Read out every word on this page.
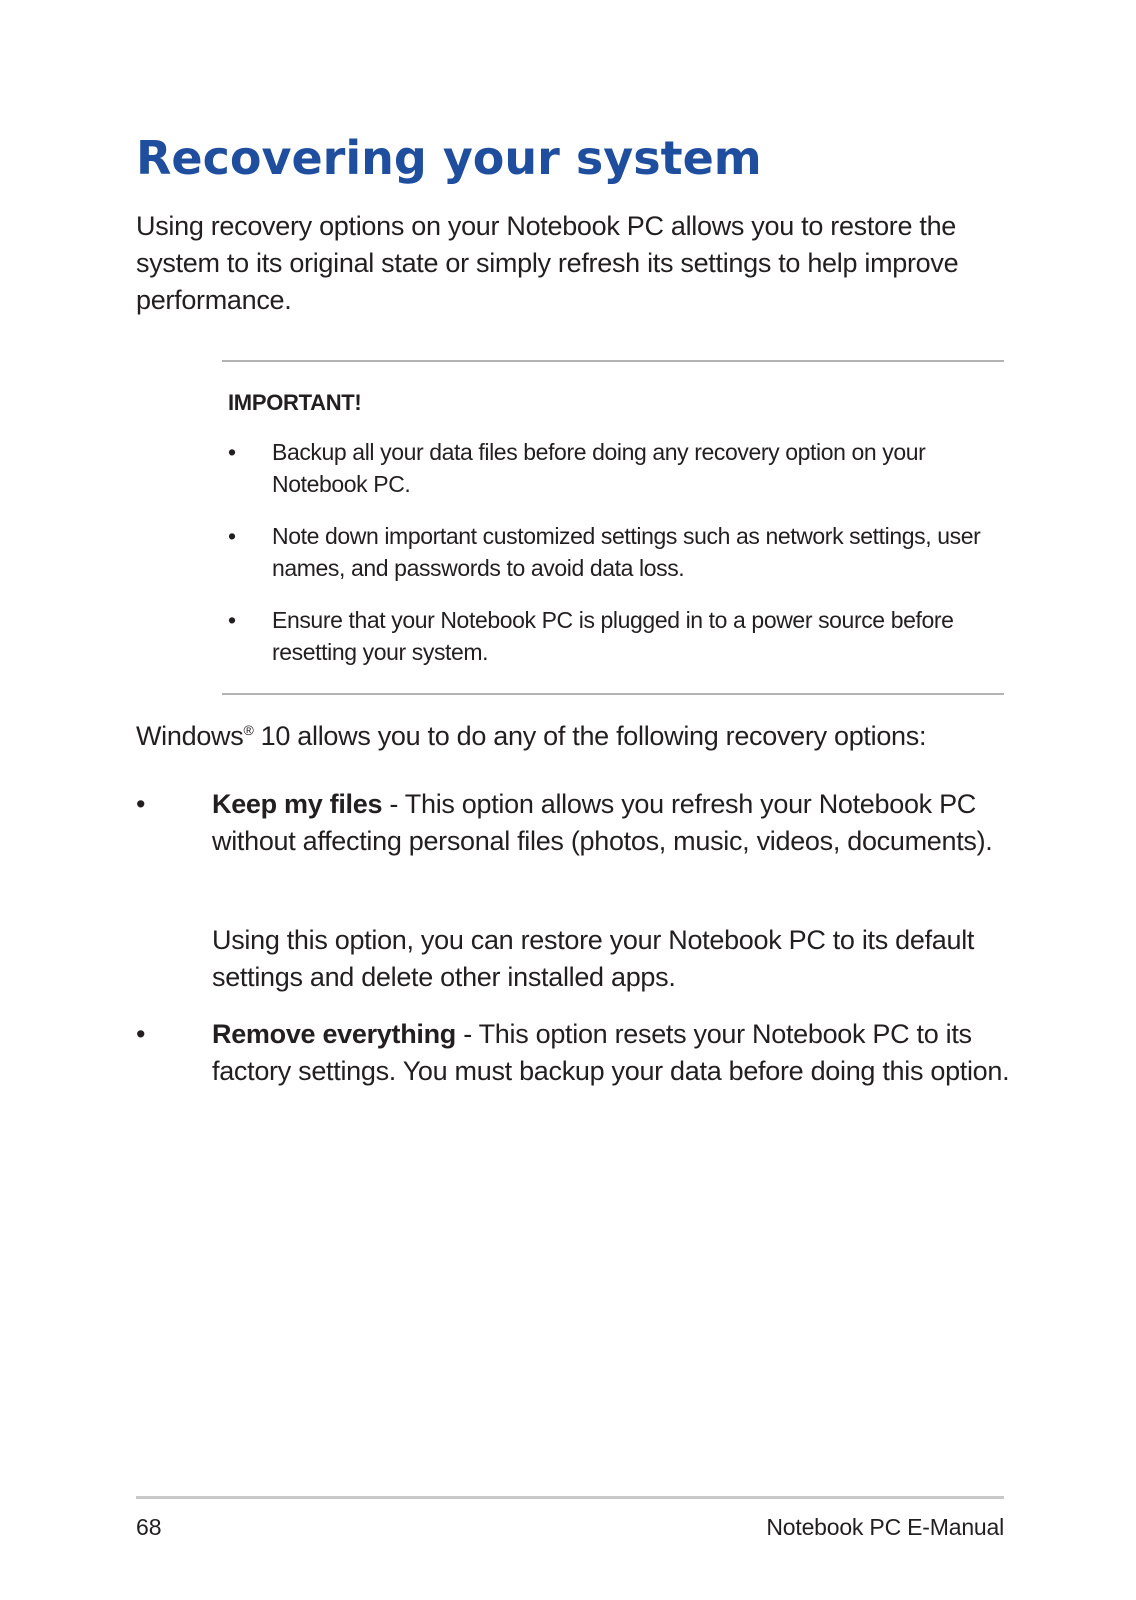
Recovering your system

Using recovery options on your Notebook PC allows you to restore the system to its original state or simply refresh its settings to help improve performance.

IMPORTANT!
• Backup all your data files before doing any recovery option on your Notebook PC.
• Note down important customized settings such as network settings, user names, and passwords to avoid data loss.
• Ensure that your Notebook PC is plugged in to a power source before resetting your system.

Windows® 10 allows you to do any of the following recovery options:

• Keep my files - This option allows you refresh your Notebook PC without affecting personal files (photos, music, videos, documents).

Using this option, you can restore your Notebook PC to its default settings and delete other installed apps.

• Remove everything - This option resets your Notebook PC to its factory settings. You must backup your data before doing this option.
68	Notebook PC E-Manual
